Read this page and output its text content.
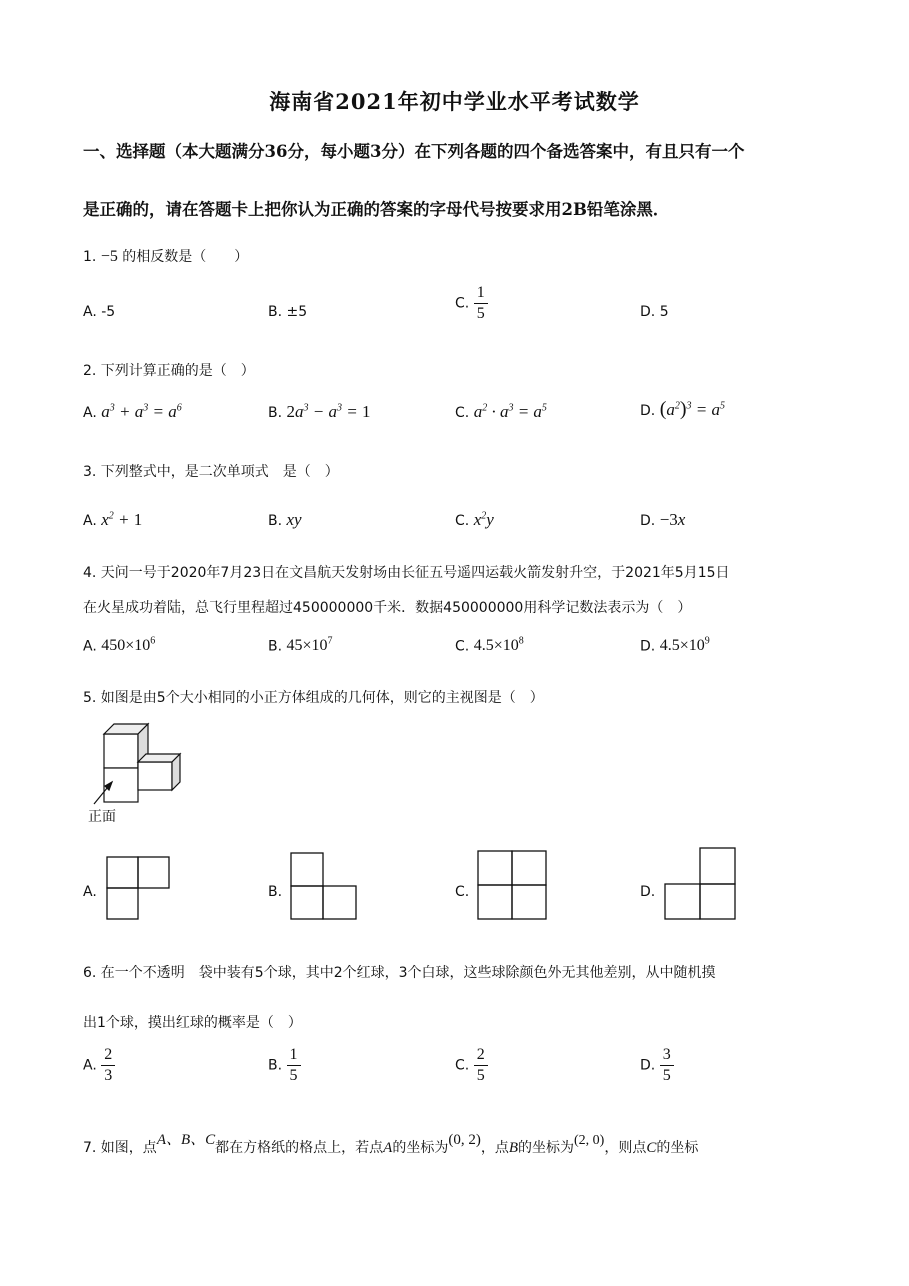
海南省2021年初中学业水平考试数学
一、选择题（本大题满分36分，每小题3分）在下列各题的四个备选答案中，有且只有一个
是正确的，请在答题卡上把你认为正确的答案的字母代号按要求用2B铅笔涂黑．
1. −5 的相反数是（　　）
A. -5	B. ±5
C. $\frac{1}{5}$	D. 5
2. 下列计算正确的是（　）
A. $a^3 + a^3 = a^6$	B. $2a^3 - a^3 = 1$	C. $a^2 \cdot a^3 = a^5$	D. $(a^2)^3 = a^5$
3. 下列整式中，是二次单项式　是（　）
A. $x^2 + 1$	B. xy	C. $x^2y$	D. −3x
4. 天问一号于2020年7月23日在文昌航天发射场由长征五号遥四运载火箭发射升空，于2021年5月15日
在火星成功着陆，总飞行里程超过450000000千米．数据450000000用科学记数法表示为（　）
A. $450\times 10^6$	B. $45\times 10^7$	C. $4.5\times 10^8$	D. $4.5\times 10^9$
5. 如图是由5个大小相同的小正方体组成的几何体，则它的主视图是（　）
正面
A.	B.	C.	D.
6. 在一个不透明　袋中装有5个球，其中2个红球，3个白球，这些球除颜色外无其他差别，从中随机摸
出1个球，摸出红球的概率是（　）
A. $\frac{2}{3}$	B. $\frac{1}{5}$	C. $\frac{2}{5}$	D. $\frac{3}{5}$
7. 如图，点A、B、C都在方格纸的格点上，若点A的坐标为(0, 2)，点B的坐标为(2, 0)，则点C的坐标
